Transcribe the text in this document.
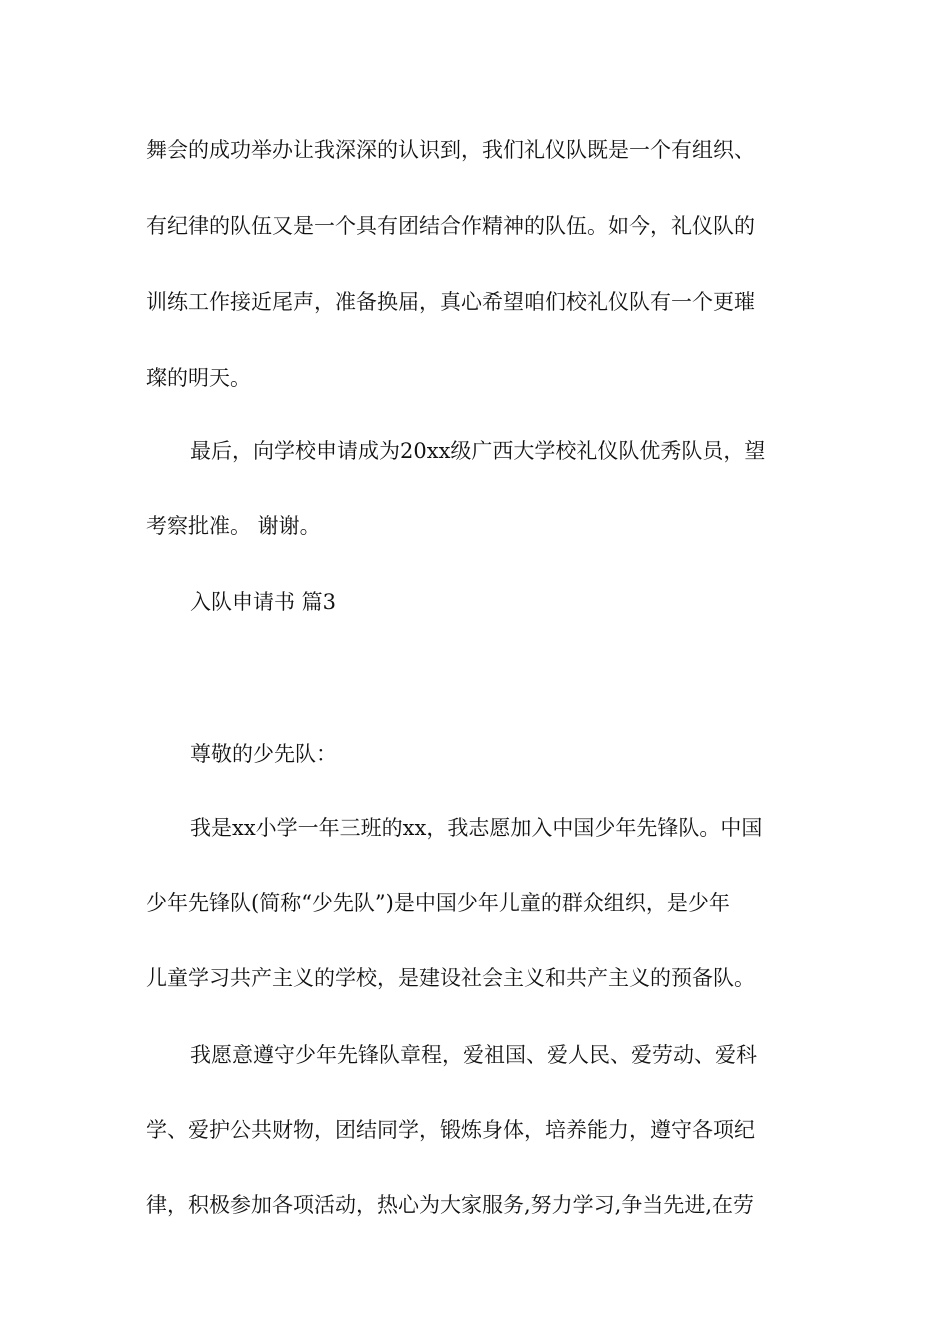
舞会的成功举办让我深深的认识到，我们礼仪队既是一个有组织、
有纪律的队伍又是一个具有团结合作精神的队伍。如今，礼仪队的
训练工作接近尾声，准备换届，真心希望咱们校礼仪队有一个更璀
璨的明天。
最后，向学校申请成为20xx级广西大学校礼仪队优秀队员，望
考察批准。 谢谢。
入队申请书 篇3
尊敬的少先队：
我是xx小学一年三班的xx，我志愿加入中国少年先锋队。中国
少年先锋队(简称“少先队”)是中国少年儿童的群众组织，是少年
儿童学习共产主义的学校，是建设社会主义和共产主义的预备队。
我愿意遵守少年先锋队章程，爱祖国、爱人民、爱劳动、爱科
学、爱护公共财物，团结同学，锻炼身体，培养能力，遵守各项纪
律，积极参加各项活动，热心为大家服务,努力学习,争当先进,在劳
